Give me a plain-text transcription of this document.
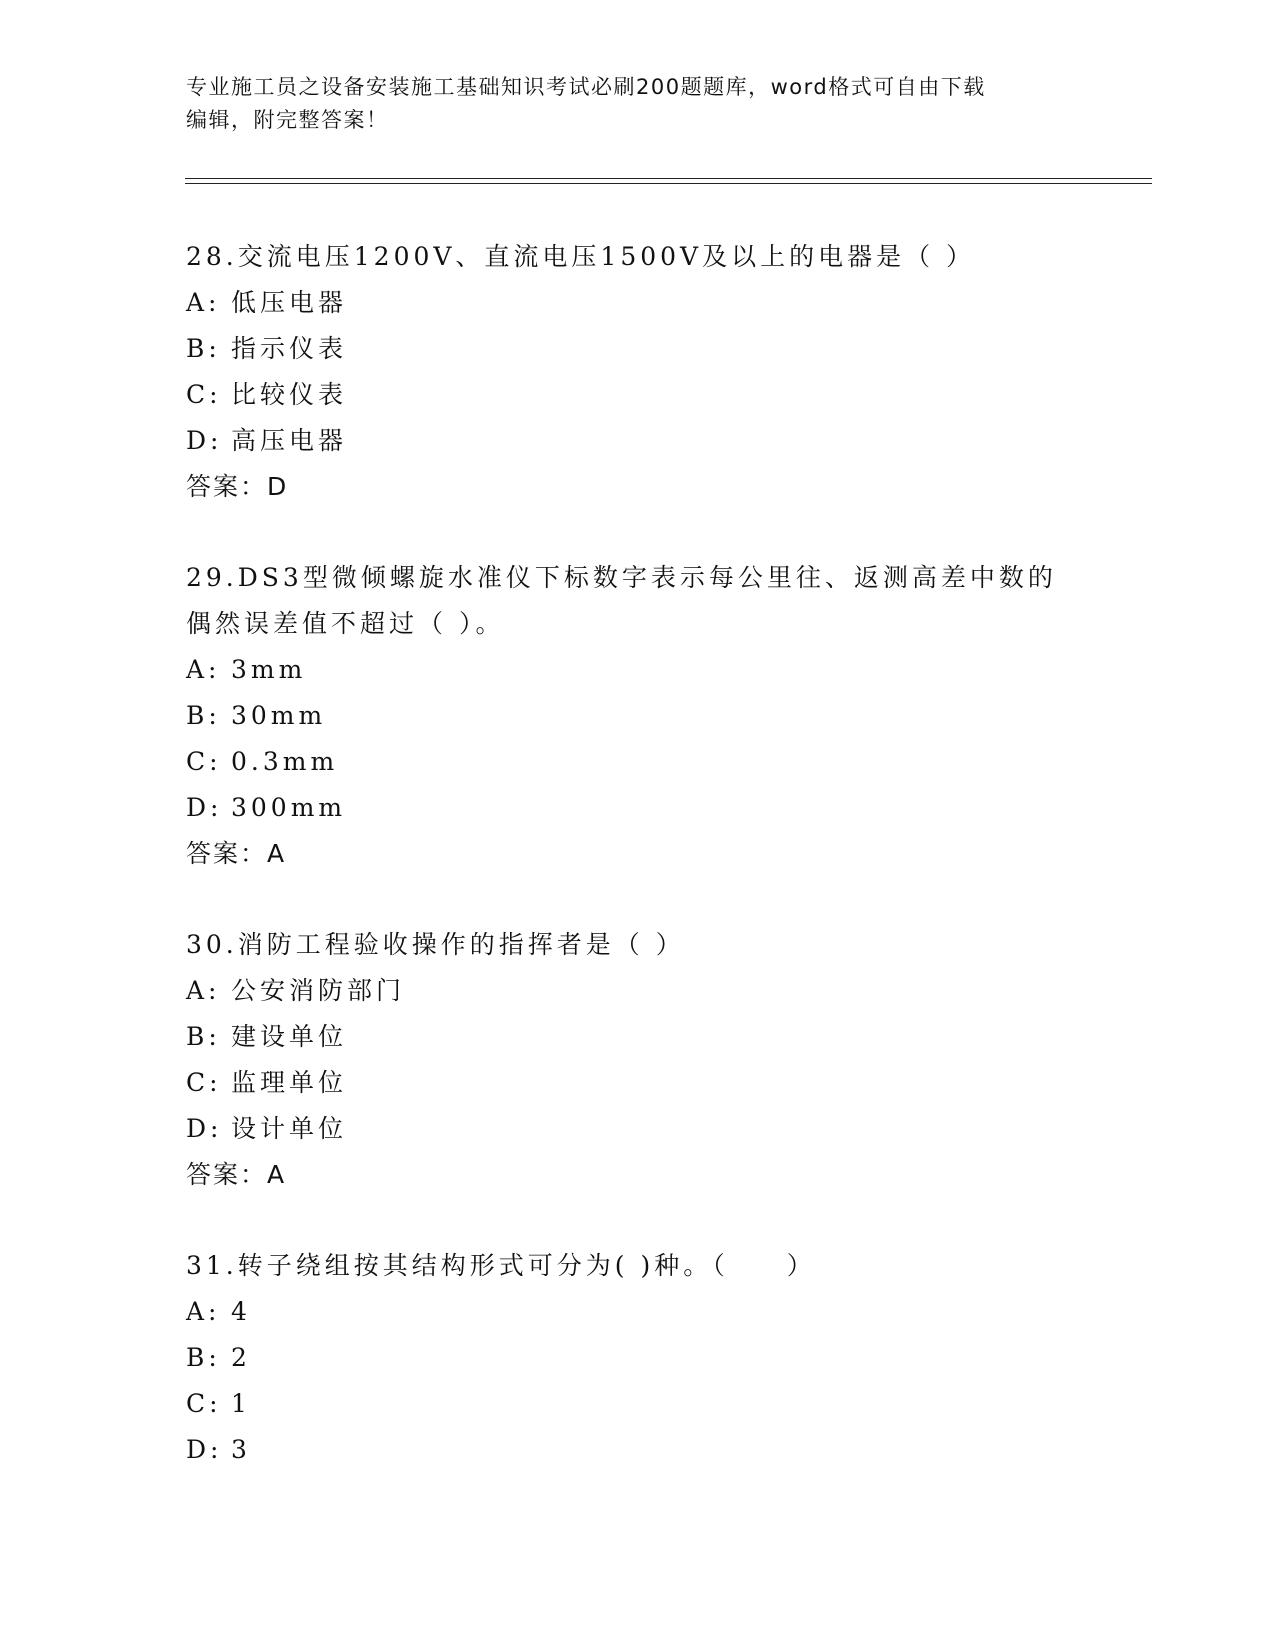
专业施工员之设备安装施工基础知识考试必刷200题题库，word格式可自由下载
编辑，附完整答案！

28.交流电压1200V、直流电压1500V及以上的电器是（ ）

A: 低压电器
B: 指示仪表
C: 比较仪表
D: 高压电器
答案：D

29.DS3型微倾螺旋水准仪下标数字表示每公里往、返测高差中数的偶然误差值不超过（ ）。

A: 3mm
B: 30mm
C: 0.3mm
D: 300mm
答案：A

30.消防工程验收操作的指挥者是（ ）

A: 公安消防部门
B: 建设单位
C: 监理单位
D: 设计单位
答案：A

31.转子绕组按其结构形式可分为( )种。（　　）

A: 4
B: 2
C: 1
D: 3
